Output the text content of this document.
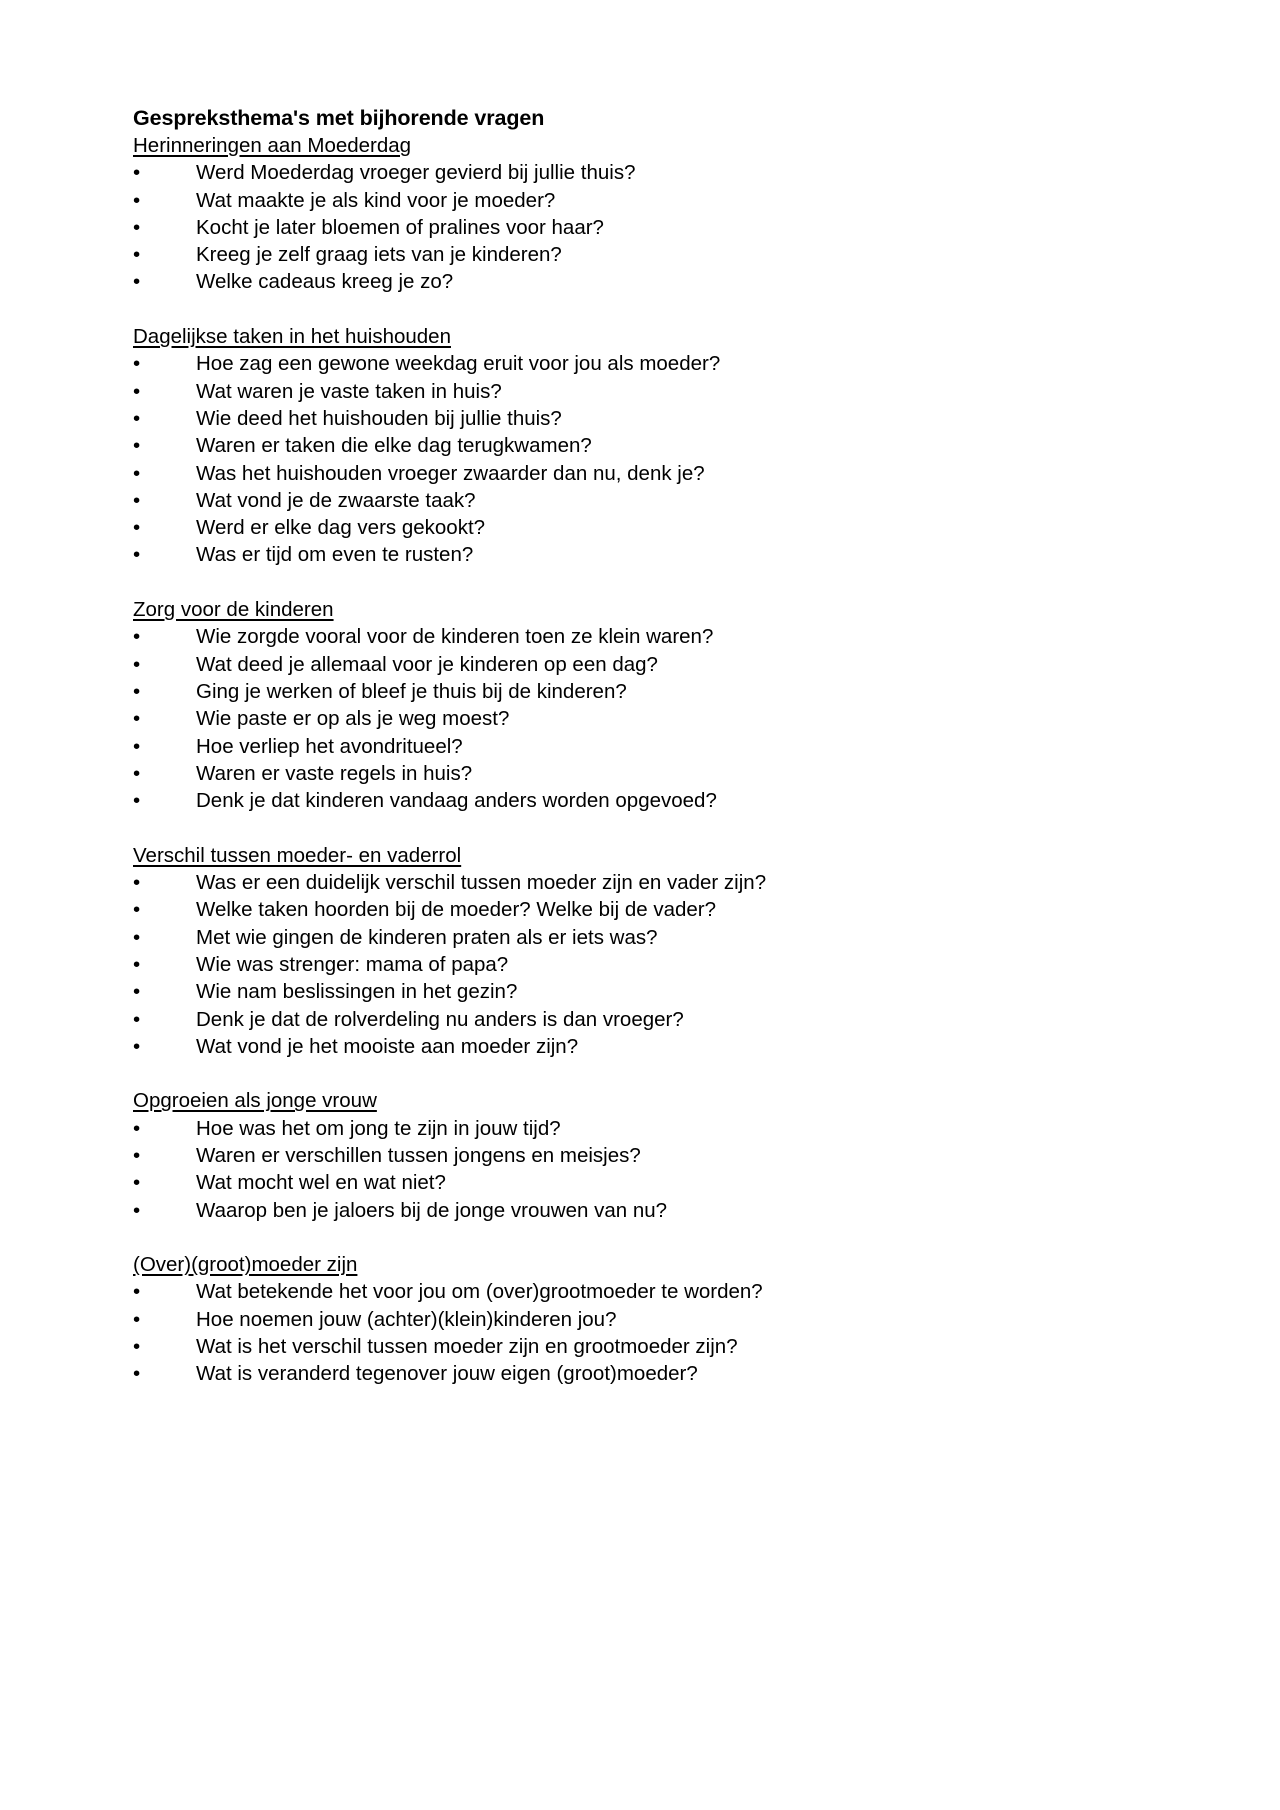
Gespreksthema's met bijhorende vragen
Herinneringen aan Moederdag
•	Werd Moederdag vroeger gevierd bij jullie thuis?
•	Wat maakte je als kind voor je moeder?
•	Kocht je later bloemen of pralines voor haar?
•	Kreeg je zelf graag iets van je kinderen?
•	Welke cadeaus kreeg je zo?
Dagelijkse taken in het huishouden
•	Hoe zag een gewone weekdag eruit voor jou als moeder?
•	Wat waren je vaste taken in huis?
•	Wie deed het huishouden bij jullie thuis?
•	Waren er taken die elke dag terugkwamen?
•	Was het huishouden vroeger zwaarder dan nu, denk je?
•	Wat vond je de zwaarste taak?
•	Werd er elke dag vers gekookt?
•	Was er tijd om even te rusten?
Zorg voor de kinderen
•	Wie zorgde vooral voor de kinderen toen ze klein waren?
•	Wat deed je allemaal voor je kinderen op een dag?
•	Ging je werken of bleef je thuis bij de kinderen?
•	Wie paste er op als je weg moest?
•	Hoe verliep het avondritueel?
•	Waren er vaste regels in huis?
•	Denk je dat kinderen vandaag anders worden opgevoed?
Verschil tussen moeder- en vaderrol
•	Was er een duidelijk verschil tussen moeder zijn en vader zijn?
•	Welke taken hoorden bij de moeder? Welke bij de vader?
•	Met wie gingen de kinderen praten als er iets was?
•	Wie was strenger: mama of papa?
•	Wie nam beslissingen in het gezin?
•	Denk je dat de rolverdeling nu anders is dan vroeger?
•	Wat vond je het mooiste aan moeder zijn?
Opgroeien als jonge vrouw
•	Hoe was het om jong te zijn in jouw tijd?
•	Waren er verschillen tussen jongens en meisjes?
•	Wat mocht wel en wat niet?
•	Waarop ben je jaloers bij de jonge vrouwen van nu?
(Over)(groot)moeder zijn
•	Wat betekende het voor jou om (over)grootmoeder te worden?
•	Hoe noemen jouw (achter)(klein)kinderen jou?
•	Wat is het verschil tussen moeder zijn en grootmoeder zijn?
•	Wat is veranderd tegenover jouw eigen (groot)moeder?
